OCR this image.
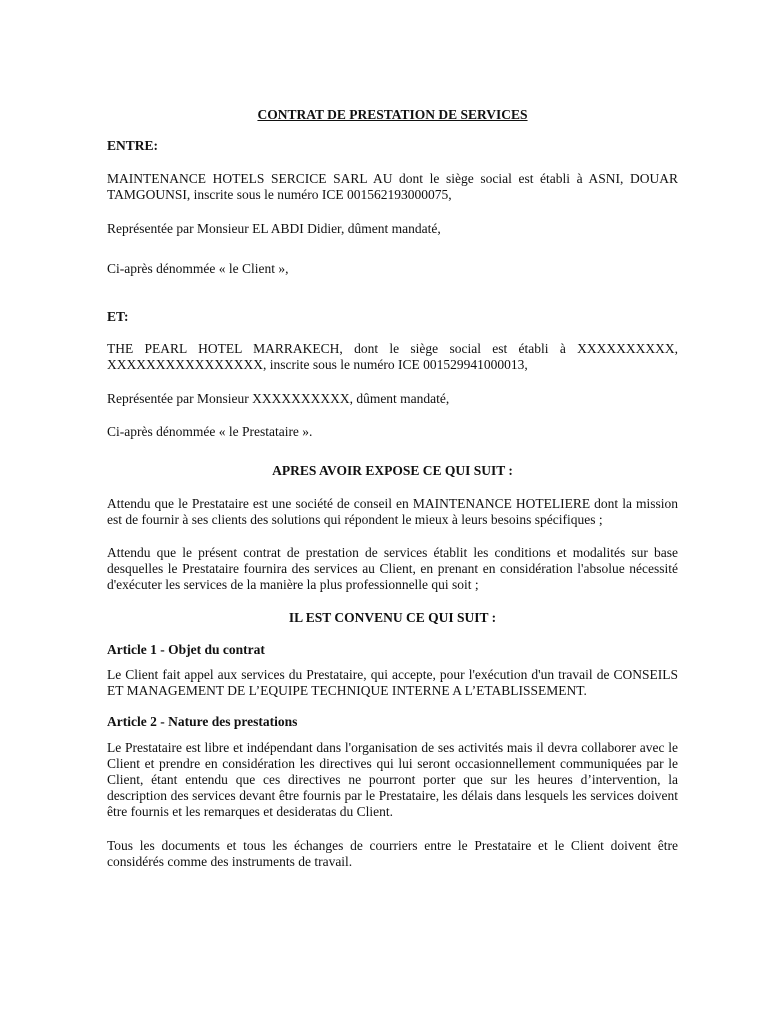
CONTRAT DE PRESTATION DE SERVICES

ENTRE:

MAINTENANCE HOTELS SERCICE SARL AU dont le siège social est établi à ASNI, DOUAR TAMGOUNSI, inscrite sous le numéro ICE 001562193000075,

Représentée par Monsieur EL ABDI Didier, dûment mandaté,

Ci-après dénommée « le Client »,

ET:

THE PEARL HOTEL MARRAKECH, dont le siège social est établi à XXXXXXXXXX, XXXXXXXXXXXXXXXX, inscrite sous le numéro ICE 001529941000013,

Représentée par Monsieur XXXXXXXXXX, dûment mandaté,

Ci-après dénommée « le Prestataire ».

APRES AVOIR EXPOSE CE QUI SUIT :

Attendu que le Prestataire est une société de conseil en MAINTENANCE HOTELIERE dont la mission est de fournir à ses clients des solutions qui répondent le mieux à leurs besoins spécifiques ;

Attendu que le présent contrat de prestation de services établit les conditions et modalités sur base desquelles le Prestataire fournira des services au Client, en prenant en considération l'absolue nécessité d'exécuter les services de la manière la plus professionnelle qui soit ;

IL EST CONVENU CE QUI SUIT :

Article 1 - Objet du contrat

Le Client fait appel aux services du Prestataire, qui accepte, pour l'exécution d'un travail de CONSEILS ET MANAGEMENT DE L’EQUIPE TECHNIQUE INTERNE A L’ETABLISSEMENT.

Article 2 - Nature des prestations

Le Prestataire est libre et indépendant dans l'organisation de ses activités mais il devra collaborer avec le Client et prendre en considération les directives qui lui seront occasionnellement communiquées par le Client, étant entendu que ces directives ne pourront porter que sur les heures d’intervention, la description des services devant être fournis par le Prestataire, les délais dans lesquels les services doivent être fournis et les remarques et desideratas du Client.

Tous les documents et tous les échanges de courriers entre le Prestataire et le Client doivent être considérés comme des instruments de travail.
